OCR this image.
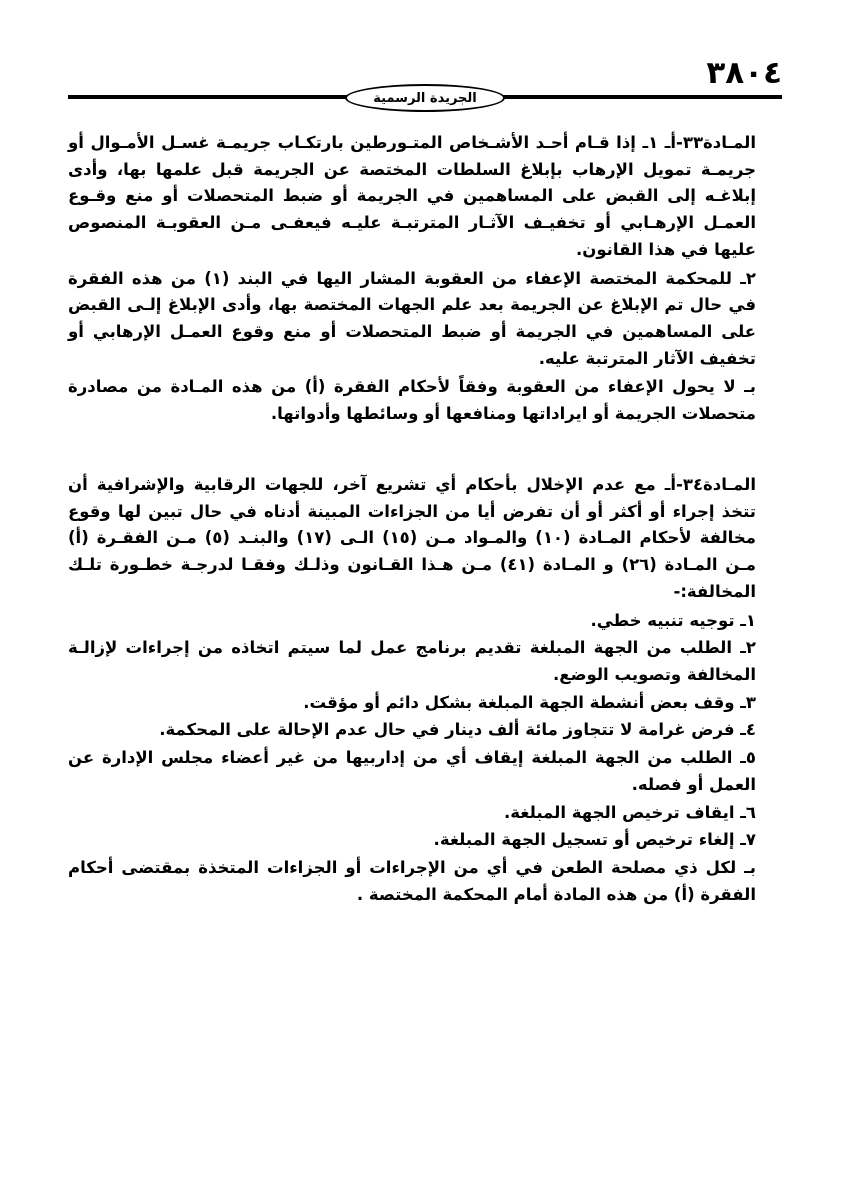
٣٨٠٤
الجريدة الرسمية

المـادة٣٣-أـ ١ـ إذا قـام أحـد الأشـخاص المتـورطين بارتكـاب جريمـة غسـل الأمـوال أو جريمـة تمويل الإرهاب بإبلاغ السلطات المختصة عن الجريمة قبل علمها بها، وأدى إبلاغـه إلى القبض على المساهمين في الجريمة أو ضبط المتحصلات أو منع وقـوع العمـل الإرهـابي أو تخفيـف الآثـار المترتبـة عليـه فيعفـى مـن العقوبـة المنصوص عليها في هذا القانون.

٢ـ للمحكمة المختصة الإعفاء من العقوبة المشار اليها في البند (١) من هذه الفقرة في حال تم الإبلاغ عن الجريمة بعد علم الجهات المختصة بها، وأدى الإبلاغ إلـى القبض على المساهمين في الجريمة أو ضبط المتحصلات أو منع وقوع العمـل الإرهابي أو تخفيف الآثار المترتبة عليه.

بـ لا يحول الإعفاء من العقوبة وفقاً لأحكام الفقرة (أ) من هذه المـادة من مصادرة متحصلات الجريمة أو ايراداتها ومنافعها أو وسائطها وأدواتها.

المـادة٣٤-أـ مع عدم الإخلال بأحكام أي تشريع آخر، للجهات الرقابية والإشرافية أن تتخذ إجراء أو أكثر أو أن تفرض أيا من الجزاءات المبينة أدناه في حال تبين لها وقوع مخالفة لأحكام المـادة (١٠) والمـواد مـن (١٥) الـى (١٧) والبنـد (٥) مـن الفقـرة (أ) مـن المـادة (٢٦) و المـادة (٤١) مـن هـذا القـانون وذلـك وفقـا لدرجـة خطـورة تلـك المخالفة:-

١ـ توجيه تنبيه خطي.

٢ـ الطلب من الجهة المبلغة تقديم برنامج عمل لما سيتم اتخاذه من إجراءات لإزالـة المخالفة وتصويب الوضع.

٣ـ وقف بعض أنشطة الجهة المبلغة بشكل دائم أو مؤقت.

٤ـ فرض غرامة لا تتجاوز مائة ألف دينار في حال عدم الإحالة على المحكمة.

٥ـ الطلب من الجهة المبلغة إيقاف أي من إداربيها من غير أعضاء مجلس الإدارة عن العمل أو فصله.

٦ـ ايقاف ترخيص الجهة المبلغة.

٧ـ إلغاء ترخيص أو تسجيل الجهة المبلغة.

بـ لكل ذي مصلحة الطعن في أي من الإجراءات أو الجزاءات المتخذة بمقتضى أحكام الفقرة (أ) من هذه المادة أمام المحكمة المختصة .
